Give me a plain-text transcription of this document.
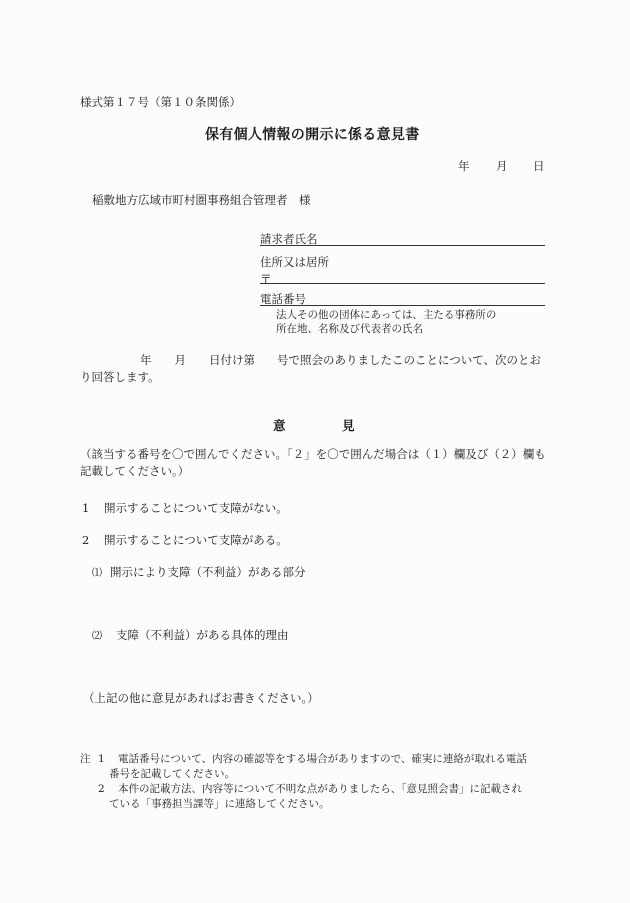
様式第１７号（第１０条関係）
保有個人情報の開示に係る意見書
年 月 日
稲敷地方広域市町村圏事務組合管理者　様
請求者氏名
住所又は居所
〒
電話番号
法人その他の団体にあっては、主たる事務所の
所在地、名称及び代表者の氏名
年 月 日付け第 号で照会のありましたこのことについて、次のとおり回答します。
意	見
（該当する番号を〇で囲んでください。「２」を〇で囲んだ場合は（１）欄及び（２）欄も記載してください。）
1 開示することについて支障がない。
2 開示することについて支障がある。
⑴ 開示により支障（不利益）がある部分
⑵ 支障（不利益）がある具体的理由
（上記の他に意見があればお書きください。）
注 1 電話番号について、内容の確認等をする場合がありますので、確実に連絡が取れる電話
番号を記載してください。
2 本件の記載方法、内容等について不明な点がありましたら、「意見照会書」に記載され
ている「事務担当課等」に連絡してください。
